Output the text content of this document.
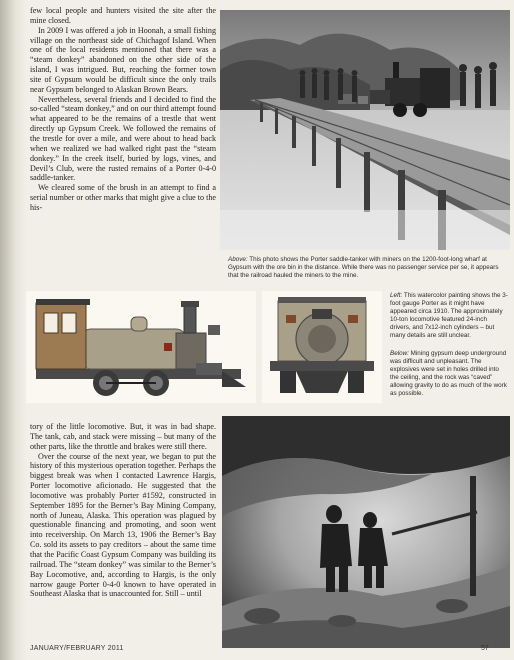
few local people and hunters visited the site after the mine closed.

In 2009 I was offered a job in Hoonah, a small fishing village on the northeast side of Chichagof Island. When one of the local residents mentioned that there was a “steam donkey” abandoned on the other side of the island, I was intrigued. But, reaching the former town site of Gypsum would be difficult since the only trails near Gypsum belonged to Alaskan Brown Bears.

Nevertheless, several friends and I decided to find the so-called “steam donkey,” and on our third attempt found what appeared to be the remains of a trestle that went directly up Gypsum Creek. We followed the remains of the trestle for over a mile, and were about to head back when we realized we had walked right past the “steam donkey.” In the creek itself, buried by logs, vines, and Devil’s Club, were the rusted remains of a Porter 0-4-0 saddle-tanker.

We cleared some of the brush in an attempt to find a serial number or other marks that might give a clue to the his-

Above: This photo shows the Porter saddle-tanker with miners on the 1200-foot-long wharf at Gypsum with the ore bin in the distance. While there was no passenger service per se, it appears that the railroad hauled the miners to the mine.
Left: This watercolor painting shows the 3-foot gauge Porter as it might have appeared circa 1910. The approximately 10-ton locomotive featured 24-inch drivers, and 7x12-inch cylinders – but many details are still unclear.
Below: Mining gypsum deep underground was difficult and unpleasant. The explosives were set in holes drilled into the ceiling, and the rock was “caved” allowing gravity to do as much of the work as possible.

tory of the little locomotive. But, it was in bad shape. The tank, cab, and stack were missing – but many of the other parts, like the throttle and brakes were still there.

Over the course of the next year, we began to put the history of this mysterious operation together. Perhaps the biggest break was when I contacted Lawrence Hargis, Porter locomotive aficionado. He suggested that the locomotive was probably Porter #1592, constructed in September 1895 for the Berner’s Bay Mining Company, north of Juneau, Alaska. This operation was plagued by questionable financing and promoting, and soon went into receivership. On March 13, 1906 the Berner’s Bay Co. sold its assets to pay creditors – about the same time that the Pacific Coast Gypsum Company was building its railroad. The “steam donkey” was similar to the Berner’s Bay Locomotive, and, according to Hargis, is the only narrow gauge Porter 0-4-0 known to have operated in Southeast Alaska that is unaccounted for. Still – until

JANUARY/FEBRUARY 2011	57
